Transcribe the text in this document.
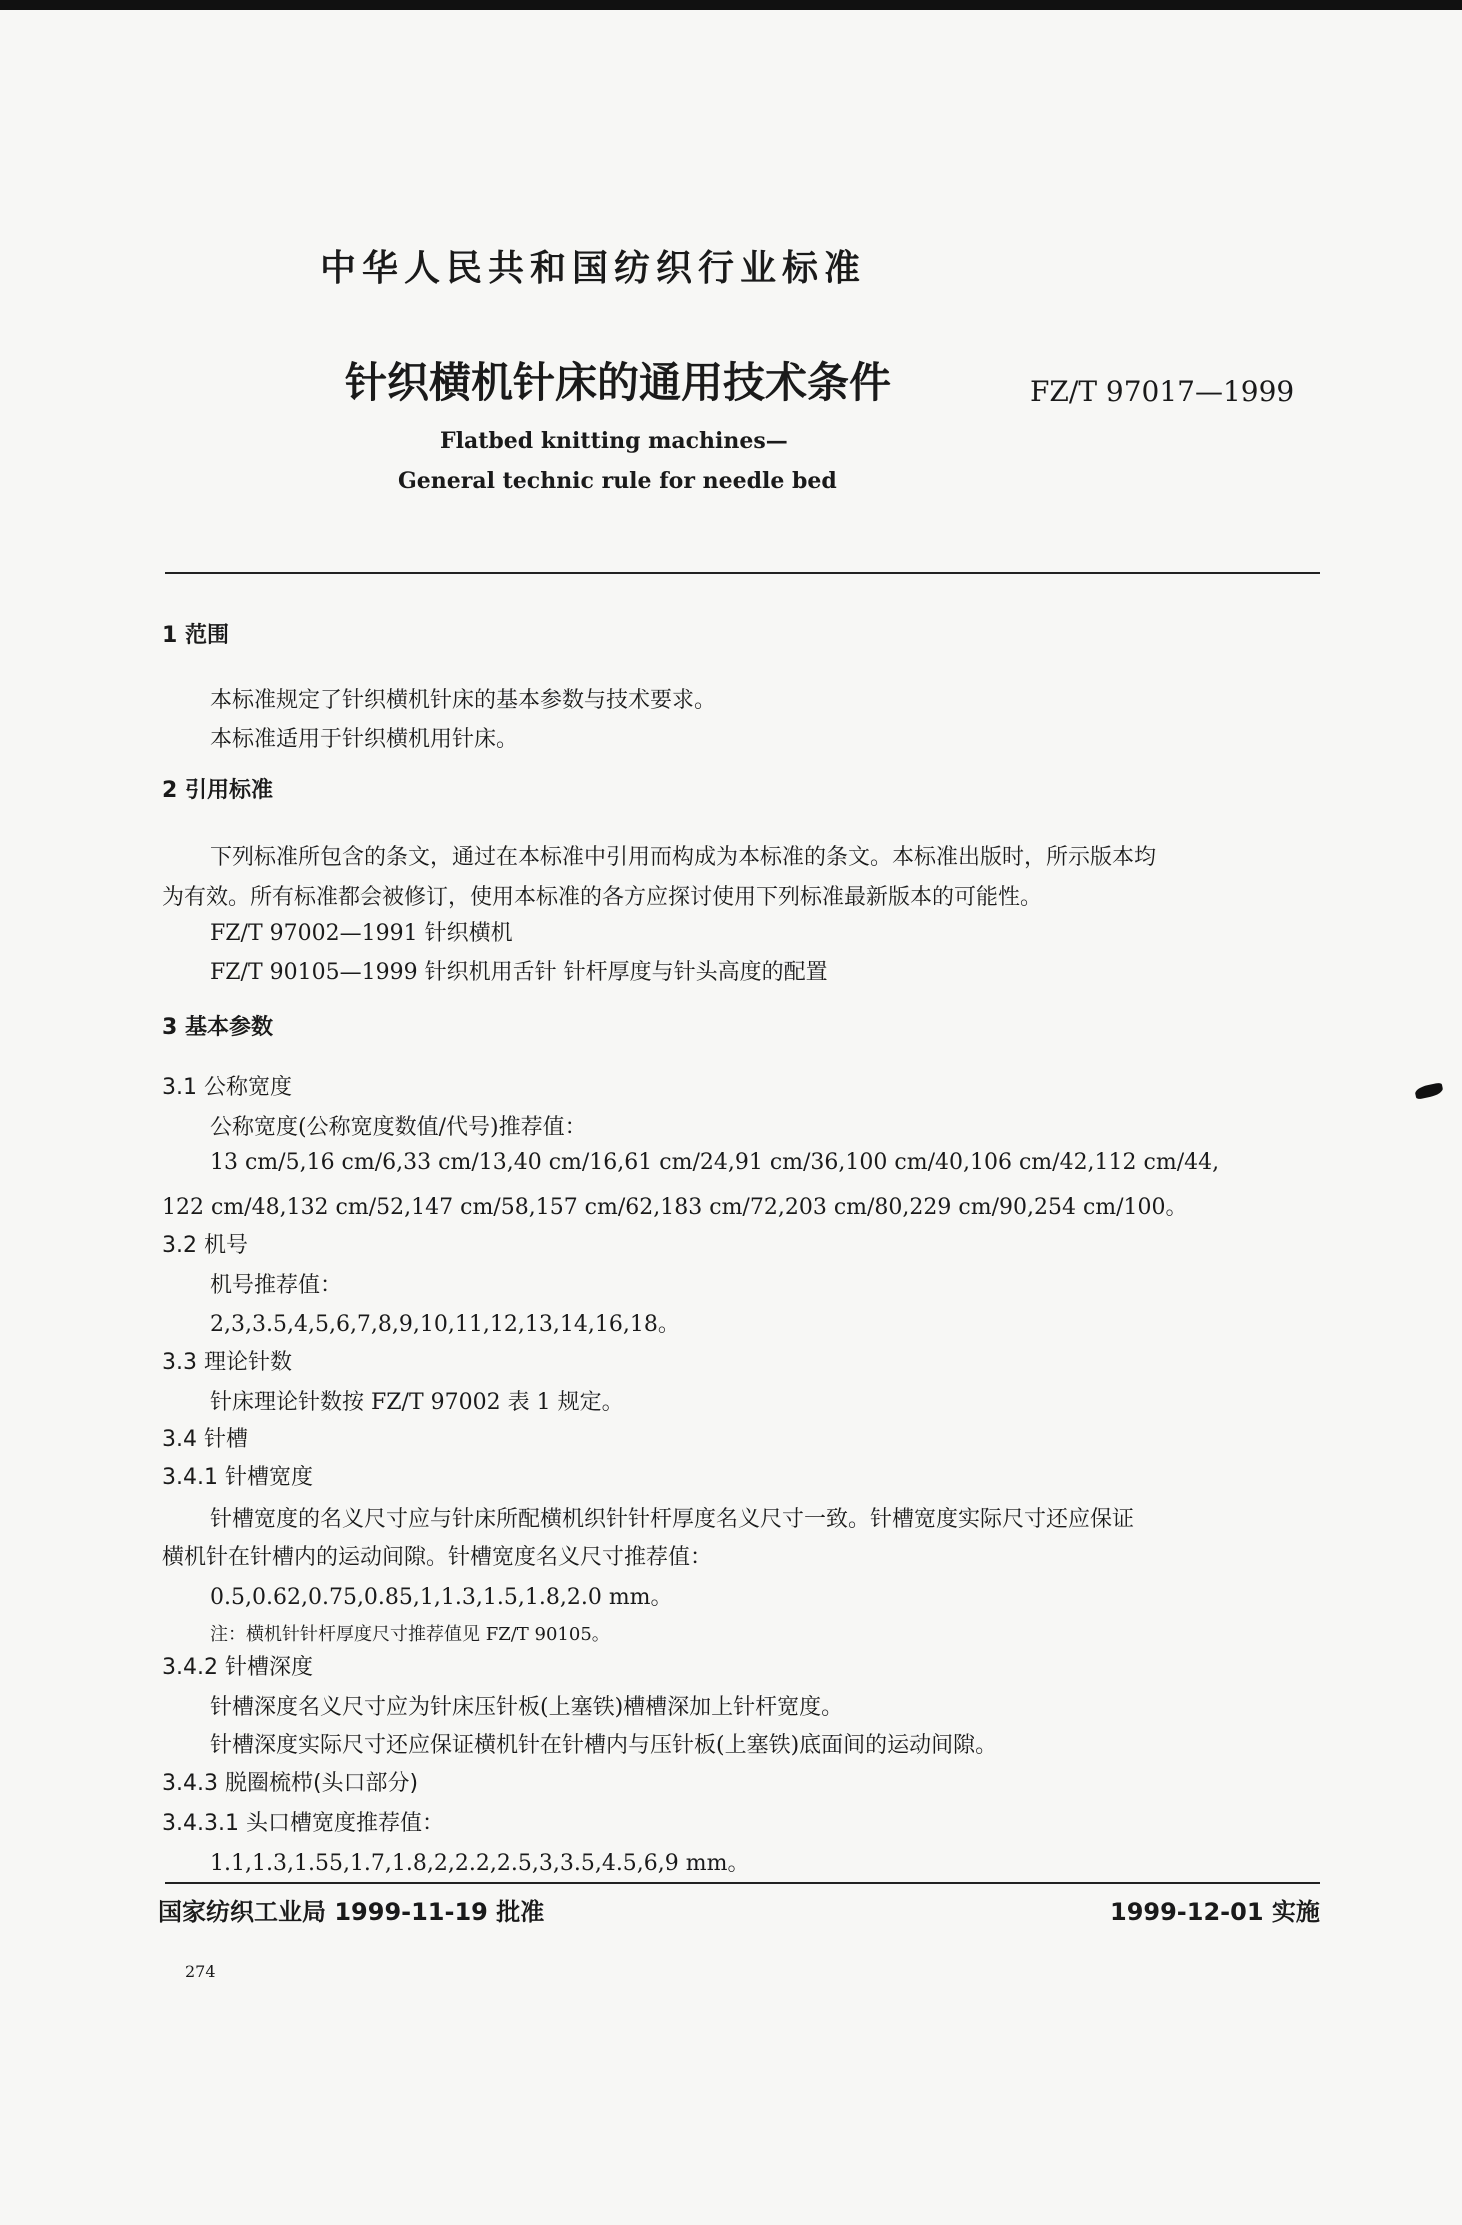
中华人民共和国纺织行业标准
针织横机针床的通用技术条件	FZ/T 97017—1999
Flatbed knitting machines—
General technic rule for needle bed
1 范围
本标准规定了针织横机针床的基本参数与技术要求。
本标准适用于针织横机用针床。
2 引用标准
下列标准所包含的条文，通过在本标准中引用而构成为本标准的条文。本标准出版时，所示版本均
为有效。所有标准都会被修订，使用本标准的各方应探讨使用下列标准最新版本的可能性。
FZ/T 97002—1991 针织横机
FZ/T 90105—1999 针织机用舌针 针杆厚度与针头高度的配置
3 基本参数
3.1 公称宽度
公称宽度(公称宽度数值/代号)推荐值：
13 cm/5,16 cm/6,33 cm/13,40 cm/16,61 cm/24,91 cm/36,100 cm/40,106 cm/42,112 cm/44,
122 cm/48,132 cm/52,147 cm/58,157 cm/62,183 cm/72,203 cm/80,229 cm/90,254 cm/100。
3.2 机号
机号推荐值：
2,3,3.5,4,5,6,7,8,9,10,11,12,13,14,16,18。
3.3 理论针数
针床理论针数按 FZ/T 97002 表 1 规定。
3.4 针槽
3.4.1 针槽宽度
针槽宽度的名义尺寸应与针床所配横机织针针杆厚度名义尺寸一致。针槽宽度实际尺寸还应保证
横机针在针槽内的运动间隙。针槽宽度名义尺寸推荐值：
0.5,0.62,0.75,0.85,1,1.3,1.5,1.8,2.0 mm。
注：横机针针杆厚度尺寸推荐值见 FZ/T 90105。
3.4.2 针槽深度
针槽深度名义尺寸应为针床压针板(上塞铁)槽槽深加上针杆宽度。
针槽深度实际尺寸还应保证横机针在针槽内与压针板(上塞铁)底面间的运动间隙。
3.4.3 脱圈梳栉(头口部分)
3.4.3.1 头口槽宽度推荐值：
1.1,1.3,1.55,1.7,1.8,2,2.2,2.5,3,3.5,4.5,6,9 mm。
国家纺织工业局 1999-11-19 批准	1999-12-01 实施
274
